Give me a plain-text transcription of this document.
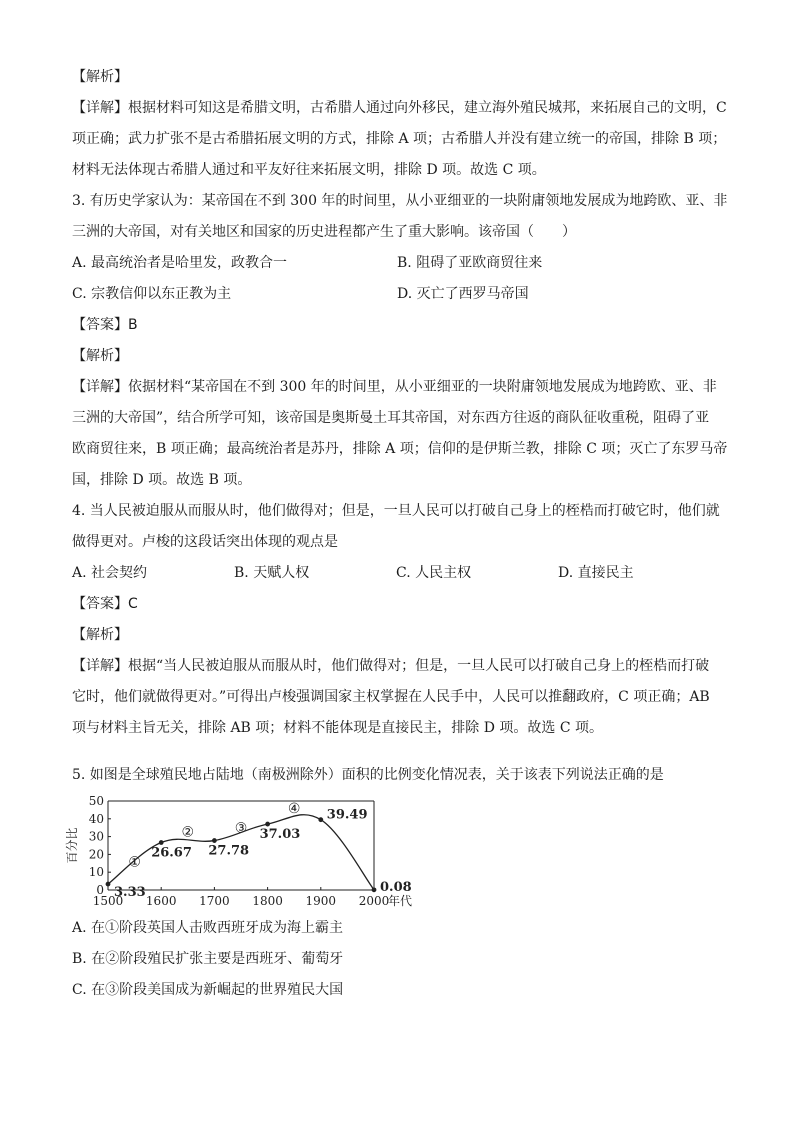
【解析】
【详解】根据材料可知这是希腊文明，古希腊人通过向外移民，建立海外殖民城邦，来拓展自己的文明，C
项正确；武力扩张不是古希腊拓展文明的方式，排除 A 项；古希腊人并没有建立统一的帝国，排除 B 项；
材料无法体现古希腊人通过和平友好往来拓展文明，排除 D 项。故选 C 项。
3. 有历史学家认为：某帝国在不到 300 年的时间里，从小亚细亚的一块附庸领地发展成为地跨欧、亚、非
三洲的大帝国，对有关地区和国家的历史进程都产生了重大影响。该帝国（　　）
A. 最高统治者是哈里发，政教合一	B. 阻碍了亚欧商贸往来
C. 宗教信仰以东正教为主	D. 灭亡了西罗马帝国
【答案】B
【解析】
【详解】依据材料“某帝国在不到 300 年的时间里，从小亚细亚的一块附庸领地发展成为地跨欧、亚、非
三洲的大帝国”，结合所学可知，该帝国是奥斯曼土耳其帝国，对东西方往返的商队征收重税，阻碍了亚
欧商贸往来，B 项正确；最高统治者是苏丹，排除 A 项；信仰的是伊斯兰教，排除 C 项；灭亡了东罗马帝
国，排除 D 项。故选 B 项。
4. 当人民被迫服从而服从时，他们做得对；但是，一旦人民可以打破自己身上的桎梏而打破它时，他们就
做得更对。卢梭的这段话突出体现的观点是
A. 社会契约	B. 天赋人权	C. 人民主权	D. 直接民主
【答案】C
【解析】
【详解】根据“当人民被迫服从而服从时，他们做得对；但是，一旦人民可以打破自己身上的桎梏而打破
它时，他们就做得更对。”可得出卢梭强调国家主权掌握在人民手中，人民可以推翻政府，C 项正确；AB
项与材料主旨无关，排除 AB 项；材料不能体现是直接民主，排除 D 项。故选 C 项。
5. 如图是全球殖民地占陆地（南极洲除外）面积的比例变化情况表，关于该表下列说法正确的是
0
10
20
30
40
50
1500 1600 1700 1800 1900 2000
年代
百分比
3.33
26.67 27.78
37.03
39.49
0.08
①
②	③
④
A. 在①阶段英国人击败西班牙成为海上霸主
B. 在②阶段殖民扩张主要是西班牙、葡萄牙
C. 在③阶段美国成为新崛起的世界殖民大国
